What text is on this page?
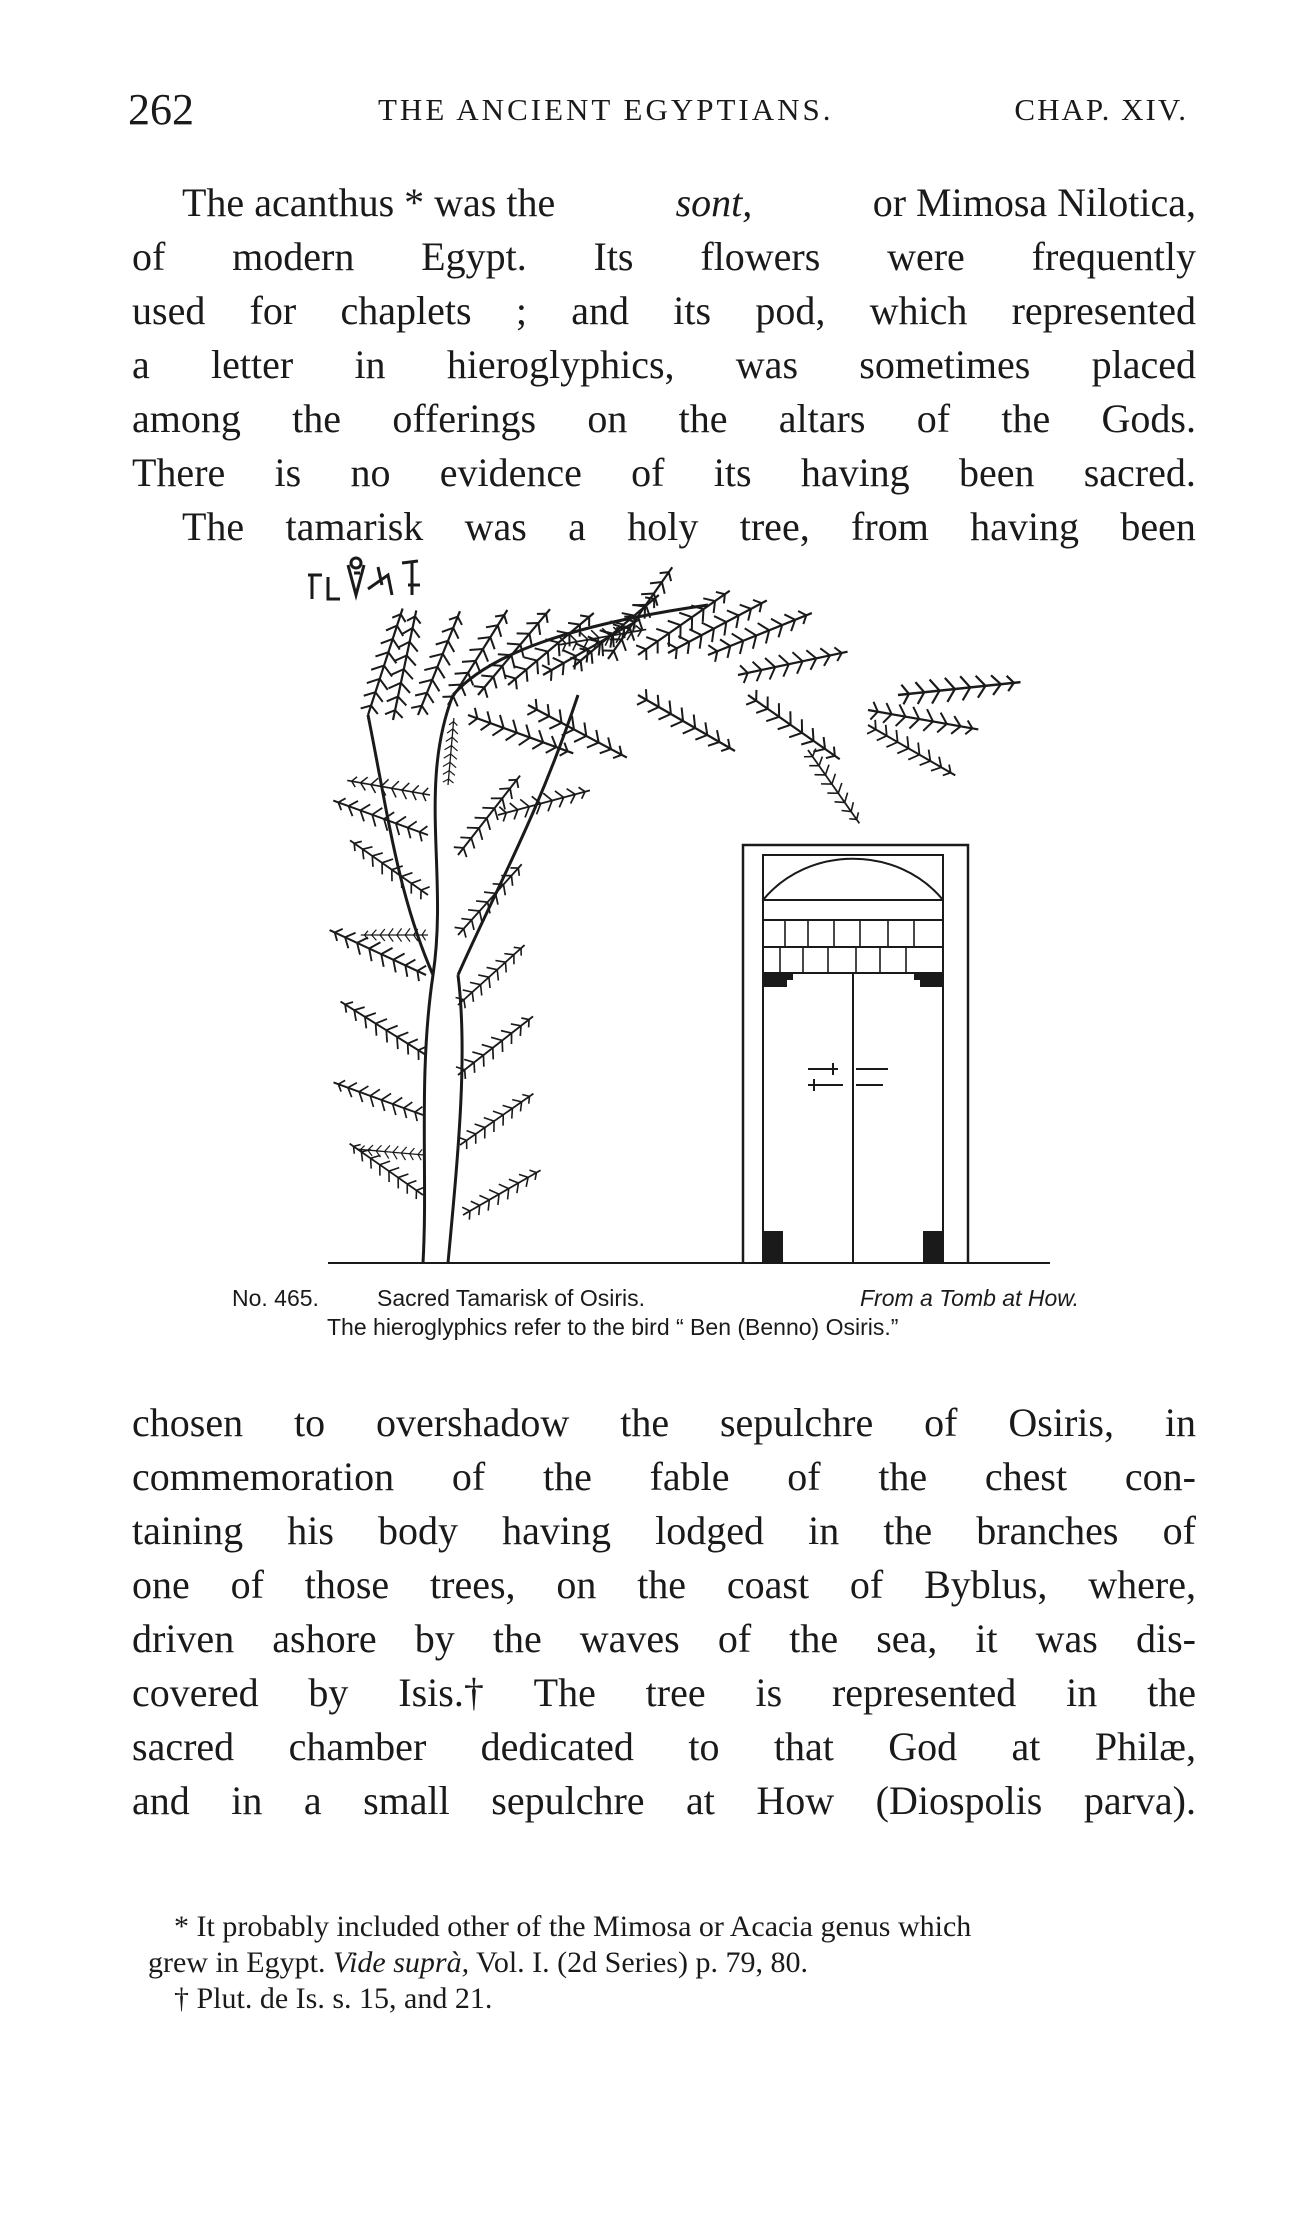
262	THE ANCIENT EGYPTIANS.	CHAP. XIV.
The acanthus * was the	sont,	or Mimosa Nilotica,
of modern Egypt. Its flowers were frequently
used for chaplets ; and its pod, which represented
a letter in hieroglyphics, was sometimes placed
among the offerings on the altars of the Gods.
There is no evidence of its having been sacred.
The tamarisk was a holy tree, from having been
No. 465.	Sacred Tamarisk of Osiris.	From a Tomb at How.
The hieroglyphics refer to the bird “ Ben (Benno) Osiris.”
chosen to overshadow the sepulchre of Osiris, in
commemoration of the fable of the chest con-
taining his body having lodged in the branches of
one of those trees, on the coast of Byblus, where,
driven ashore by the waves of the sea, it was dis-
covered by Isis.† The tree is represented in the
sacred chamber dedicated to that God at Philæ,
and in a small sepulchre at How (Diospolis parva).
* It probably included other of the Mimosa or Acacia genus which
grew in Egypt. Vide suprà, Vol. I. (2d Series) p. 79, 80.
† Plut. de Is. s. 15, and 21.
